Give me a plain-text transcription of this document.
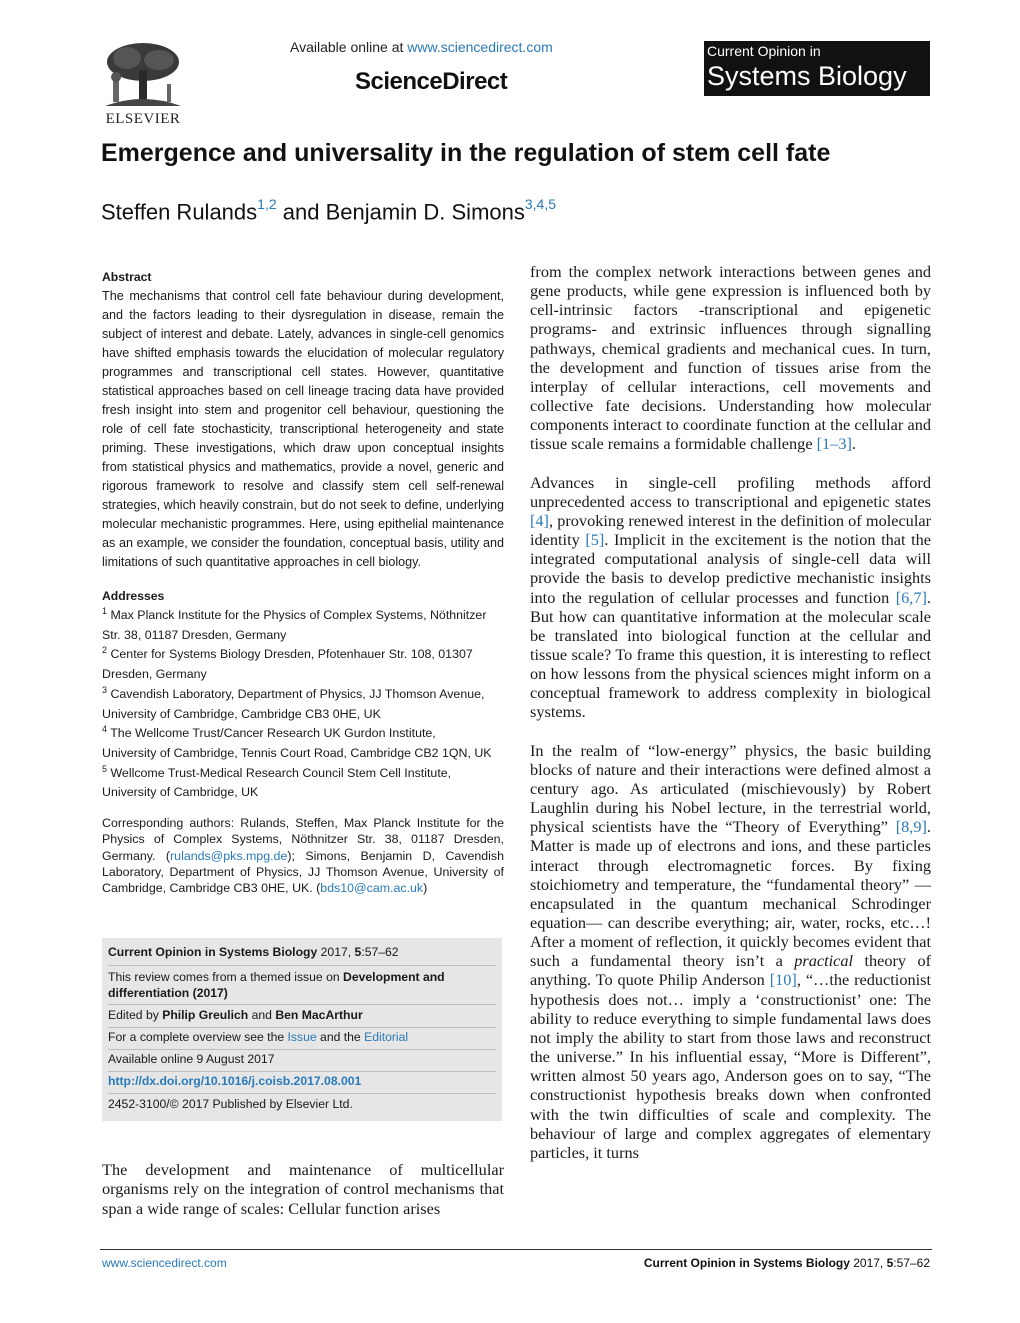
ELSEVIER
Available online at www.sciencedirect.com
ScienceDirect
Current Opinion in
Systems Biology
Emergence and universality in the regulation of stem cell fate
Steffen Rulands$^{1,2}$ and Benjamin D. Simons$^{3,4,5}$

Abstract

The mechanisms that control cell fate behaviour during development, and the factors leading to their dysregulation in disease, remain the subject of interest and debate. Lately, advances in single-cell genomics have shifted emphasis towards the elucidation of molecular regulatory programmes and transcriptional cell states. However, quantitative statistical approaches based on cell lineage tracing data have provided fresh insight into stem and progenitor cell behaviour, questioning the role of cell fate stochasticity, transcriptional heterogeneity and state priming. These investigations, which draw upon conceptual insights from statistical physics and mathematics, provide a novel, generic and rigorous framework to resolve and classify stem cell self-renewal strategies, which heavily constrain, but do not seek to define, underlying molecular mechanistic programmes. Here, using epithelial maintenance as an example, we consider the foundation, conceptual basis, utility and limitations of such quantitative approaches in cell biology.

Addresses

$^1$ Max Planck Institute for the Physics of Complex Systems, Nöthnitzer

Str. 38, 01187 Dresden, Germany

$^2$ Center for Systems Biology Dresden, Pfotenhauer Str. 108, 01307

Dresden, Germany

$^3$ Cavendish Laboratory, Department of Physics, JJ Thomson Avenue,

University of Cambridge, Cambridge CB3 0HE, UK

$^4$ The Wellcome Trust/Cancer Research UK Gurdon Institute,

University of Cambridge, Tennis Court Road, Cambridge CB2 1QN, UK

$^5$ Wellcome Trust-Medical Research Council Stem Cell Institute,

University of Cambridge, UK

Corresponding authors: Rulands, Steffen, Max Planck Institute for the Physics of Complex Systems, Nöthnitzer Str. 38, 01187 Dresden, Germany. (rulands@pks.mpg.de); Simons, Benjamin D, Cavendish Laboratory, Department of Physics, JJ Thomson Avenue, University of Cambridge, Cambridge CB3 0HE, UK. (bds10@cam.ac.uk)
Current Opinion in Systems Biology 2017, 5:57–62
This review comes from a themed issue on Development and differentiation (2017)
Edited by Philip Greulich and Ben MacArthur
For a complete overview see the Issue and the Editorial
Available online 9 August 2017
http://dx.doi.org/10.1016/j.coisb.2017.08.001
2452-3100/© 2017 Published by Elsevier Ltd.
The development and maintenance of multicellular organisms rely on the integration of control mechanisms that span a wide range of scales: Cellular function arises

from the complex network interactions between genes and gene products, while gene expression is influenced both by cell-intrinsic factors -transcriptional and epigenetic programs- and extrinsic influences through signalling pathways, chemical gradients and mechanical cues. In turn, the development and function of tissues arise from the interplay of cellular interactions, cell movements and collective fate decisions. Understanding how molecular components interact to coordinate function at the cellular and tissue scale remains a formidable challenge [1–3].

Advances in single-cell profiling methods afford unprecedented access to transcriptional and epigenetic states [4], provoking renewed interest in the definition of molecular identity [5]. Implicit in the excitement is the notion that the integrated computational analysis of single-cell data will provide the basis to develop predictive mechanistic insights into the regulation of cellular processes and function [6,7]. But how can quantitative information at the molecular scale be translated into biological function at the cellular and tissue scale? To frame this question, it is interesting to reflect on how lessons from the physical sciences might inform on a conceptual framework to address complexity in biological systems.

In the realm of “low-energy” physics, the basic building blocks of nature and their interactions were defined almost a century ago. As articulated (mischievously) by Robert Laughlin during his Nobel lecture, in the terrestrial world, physical scientists have the “Theory of Everything” [8,9]. Matter is made up of electrons and ions, and these particles interact through electromagnetic forces. By fixing stoichiometry and temperature, the “fundamental theory” —encapsulated in the quantum mechanical Schrodinger equation— can describe everything; air, water, rocks, etc…! After a moment of reflection, it quickly becomes evident that such a fundamental theory isn’t a practical theory of anything. To quote Philip Anderson [10], “…the reductionist hypothesis does not… imply a ‘constructionist’ one: The ability to reduce everything to simple fundamental laws does not imply the ability to start from those laws and reconstruct the universe.” In his influential essay, “More is Different”, written almost 50 years ago, Anderson goes on to say, “The constructionist hypothesis breaks down when confronted with the twin difficulties of scale and complexity. The behaviour of large and complex aggregates of elementary particles, it turns

www.sciencedirect.com	Current Opinion in Systems Biology 2017, 5:57–62
